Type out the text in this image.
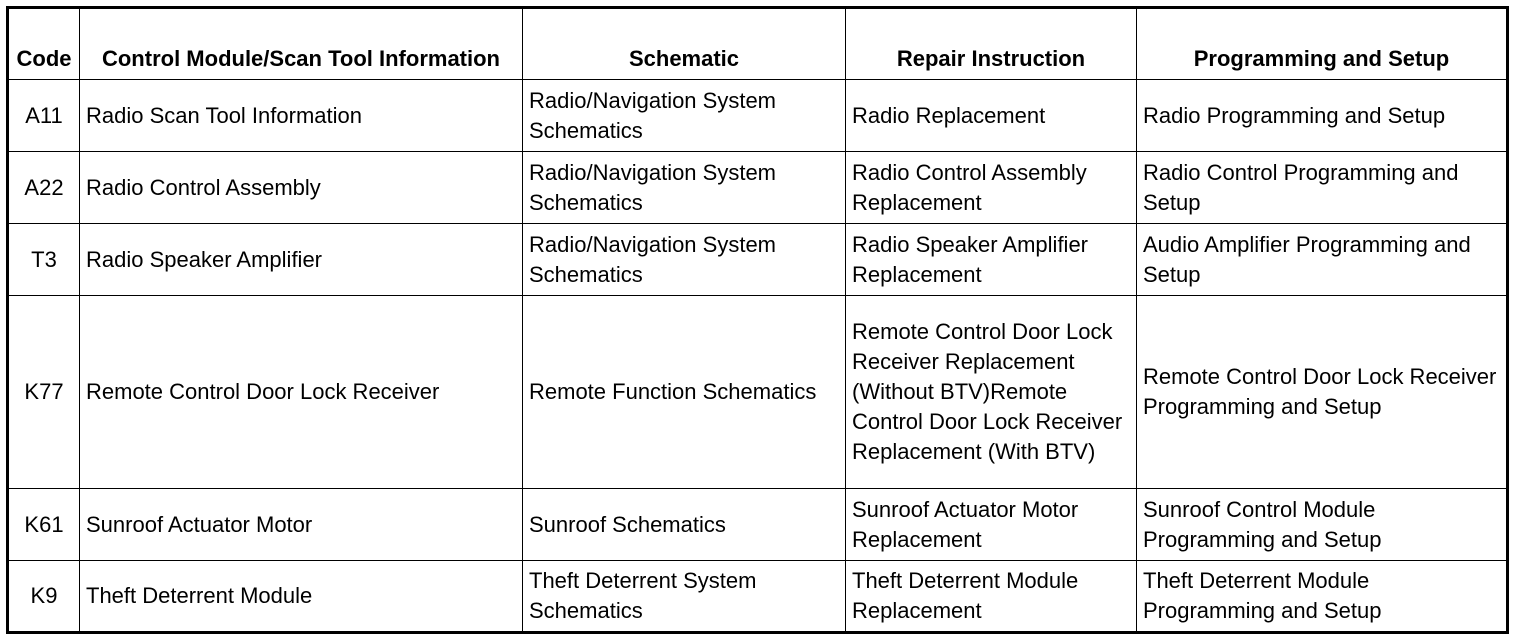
Code	Control Module/Scan Tool Information	Schematic	Repair Instruction	Programming and Setup
A11	Radio Scan Tool Information	Radio/Navigation System Schematics	Radio Replacement	Radio Programming and Setup
A22	Radio Control Assembly	Radio/Navigation System Schematics	Radio Control Assembly Replacement	Radio Control Programming and Setup
T3	Radio Speaker Amplifier	Radio/Navigation System Schematics	Radio Speaker Amplifier Replacement	Audio Amplifier Programming and Setup
K77	Remote Control Door Lock Receiver	Remote Function Schematics	Remote Control Door Lock Receiver Replacement (Without BTV)Remote Control Door Lock Receiver Replacement (With BTV)	Remote Control Door Lock Receiver Programming and Setup
K61	Sunroof Actuator Motor	Sunroof Schematics	Sunroof Actuator Motor Replacement	Sunroof Control Module Programming and Setup
K9	Theft Deterrent Module	Theft Deterrent System Schematics	Theft Deterrent Module Replacement	Theft Deterrent Module Programming and Setup
